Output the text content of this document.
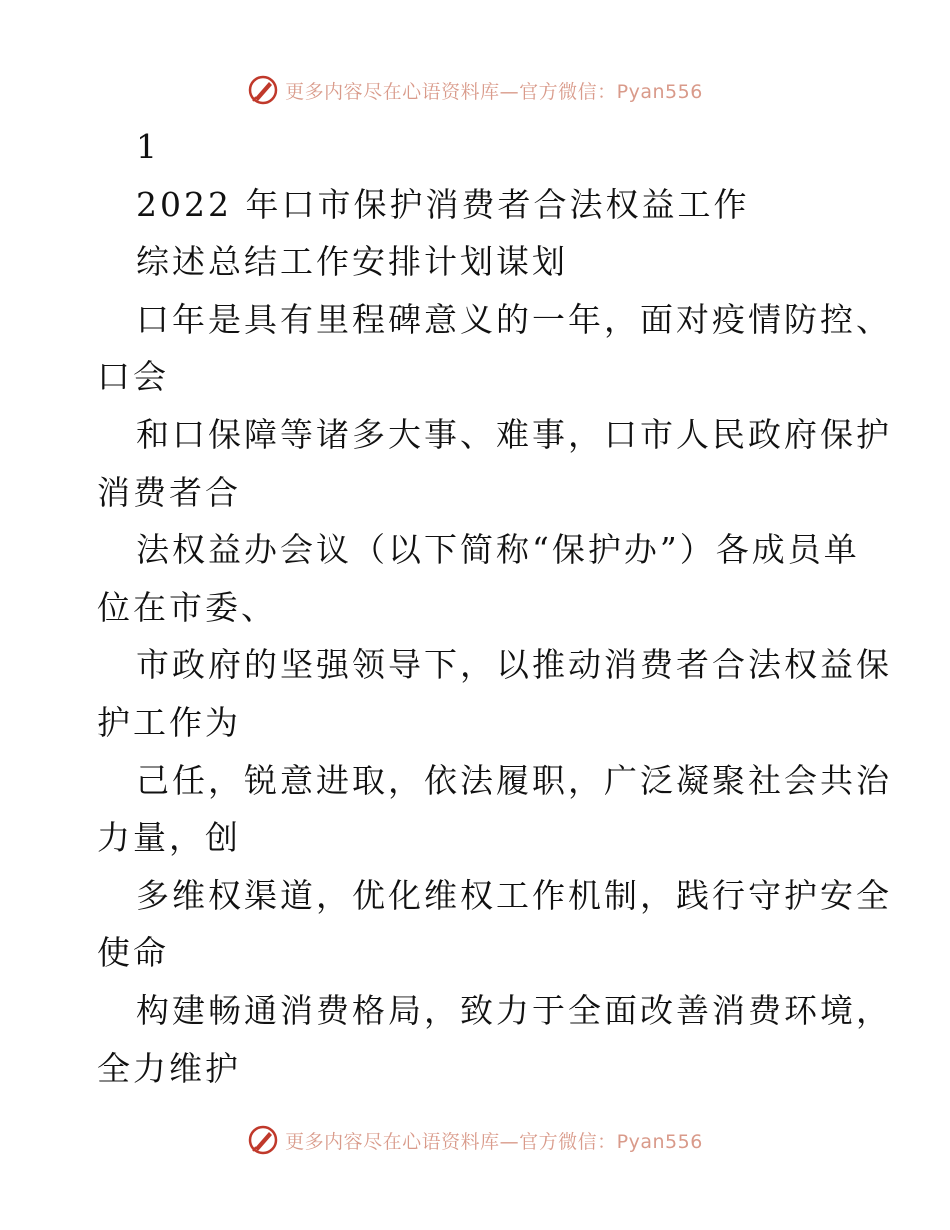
更多内容尽在心语资料库—官方微信：Pyan556
1
2022 年口市保护消费者合法权益工作
综述总结工作安排计划谋划
口年是具有里程碑意义的一年，面对疫情防控、
口会
和口保障等诸多大事、难事，口市人民政府保护
消费者合
法权益办会议（以下简称“保护办”）各成员单
位在市委、
市政府的坚强领导下，以推动消费者合法权益保
护工作为
己任，锐意进取，依法履职，广泛凝聚社会共治
力量，创
多维权渠道，优化维权工作机制，践行守护安全
使命
构建畅通消费格局，致力于全面改善消费环境，
全力维护
更多内容尽在心语资料库—官方微信：Pyan556
